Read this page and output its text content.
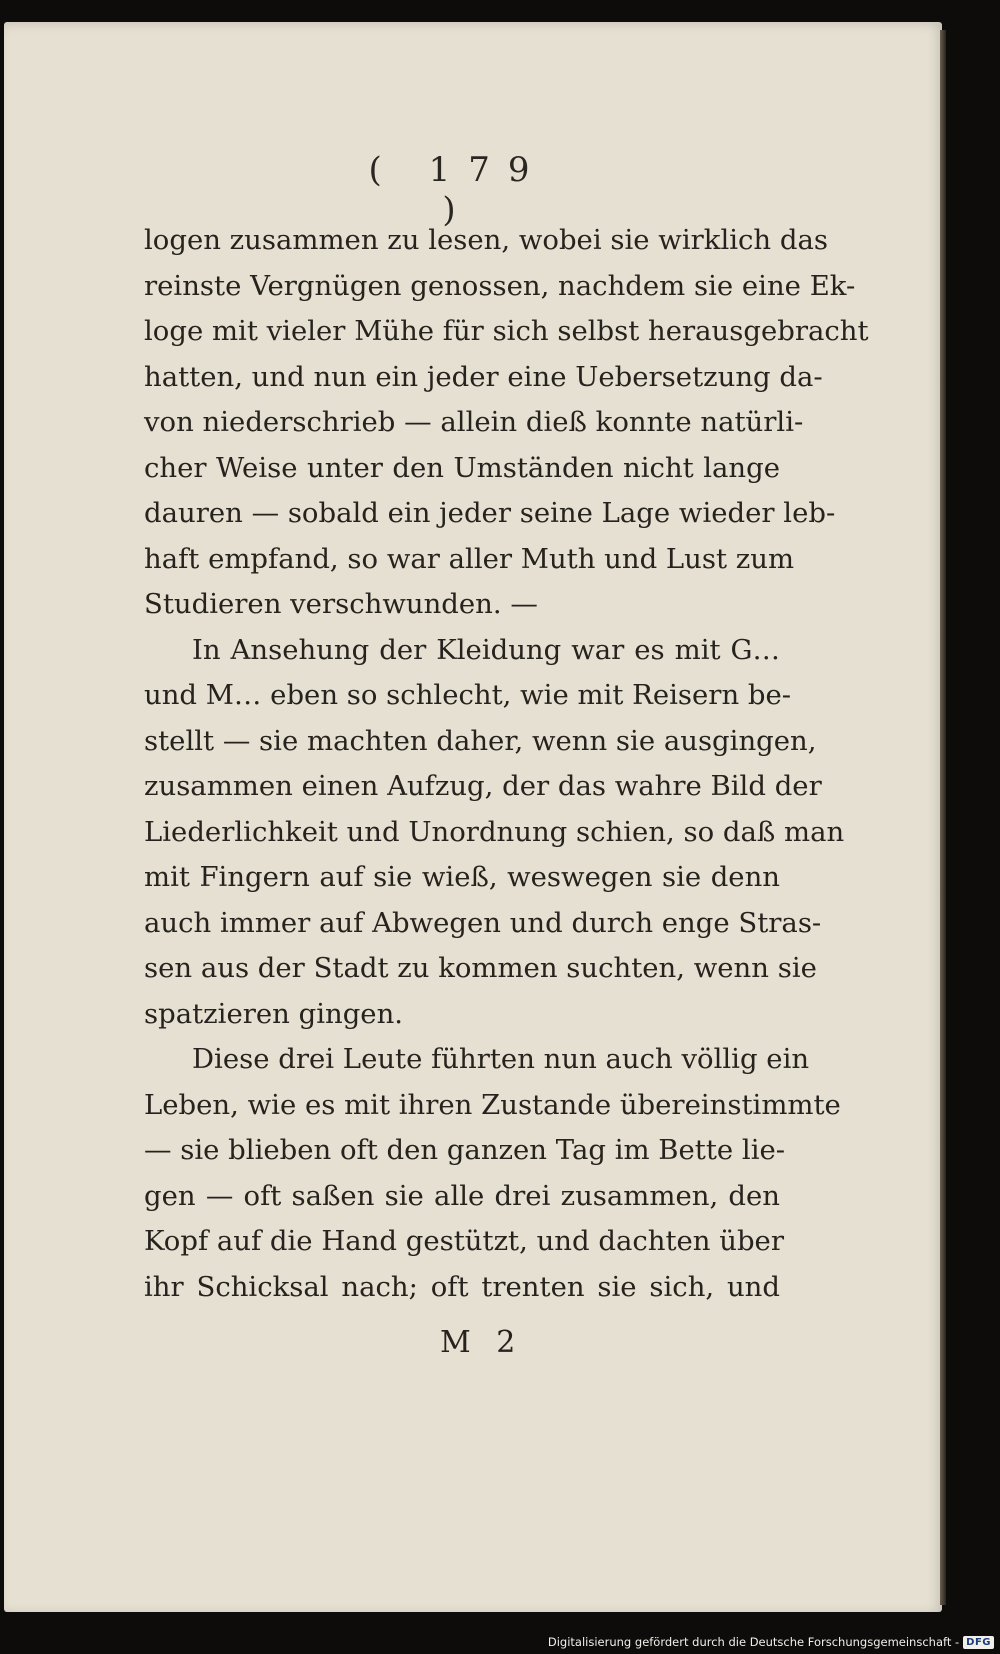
( 179 )
logen zusammen zu lesen, wobei sie wirklich das
reinste Vergnügen genossen, nachdem sie eine Ek-
loge mit vieler Mühe für sich selbst herausgebracht
hatten, und nun ein jeder eine Uebersetzung da-
von niederschrieb — allein dieß konnte natürli-
cher Weise unter den Umständen nicht lange
dauren — sobald ein jeder seine Lage wieder leb-
haft empfand, so war aller Muth und Lust zum
Studieren verschwunden. —
In Ansehung der Kleidung war es mit G…
und M… eben so schlecht, wie mit Reisern be-
stellt — sie machten daher, wenn sie ausgingen,
zusammen einen Aufzug, der das wahre Bild der
Liederlichkeit und Unordnung schien, so daß man
mit Fingern auf sie wieß, weswegen sie denn
auch immer auf Abwegen und durch enge Stras-
sen aus der Stadt zu kommen suchten, wenn sie
spatzieren gingen.
Diese drei Leute führten nun auch völlig ein
Leben, wie es mit ihren Zustande übereinstimmte
— sie blieben oft den ganzen Tag im Bette lie-
gen — oft saßen sie alle drei zusammen, den
Kopf auf die Hand gestützt, und dachten über
ihr Schicksal nach; oft trenten sie sich, und
M 2
Digitalisierung gefördert durch die Deutsche Forschungsgemeinschaft - DFG
